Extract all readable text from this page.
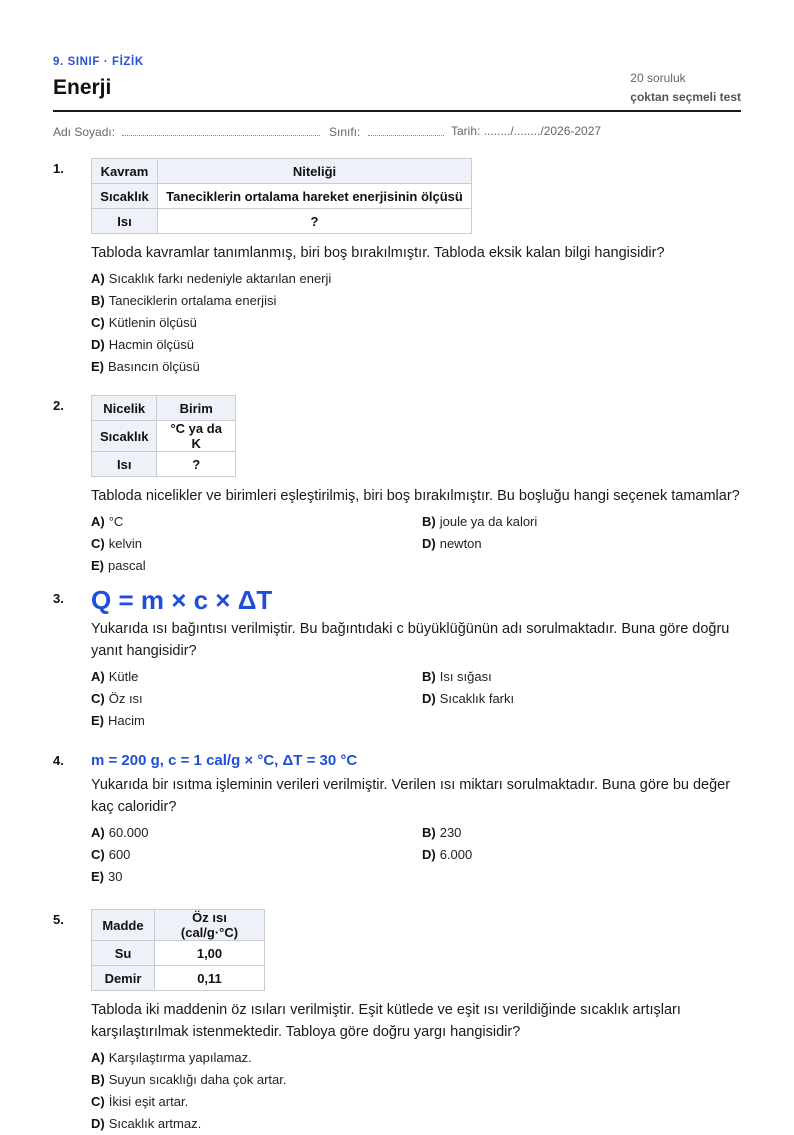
9. SINIF · FİZİK
Enerji	20 soruluk
çoktan seçmeli test
Adı Soyadı:	Sınıfı:	Tarih: ......../......../2026-2027
1.	Kavram	Niteliği
Sıcaklık	Taneciklerin ortalama hareket enerjisinin ölçüsü
Isı	?
Tabloda kavramlar tanımlanmış, biri boş bırakılmıştır. Tabloda eksik kalan bilgi hangisidir?
A) Sıcaklık farkı nedeniyle aktarılan enerji
B) Taneciklerin ortalama enerjisi
C) Kütlenin ölçüsü
D) Hacmin ölçüsü
E) Basıncın ölçüsü
2.	Nicelik	Birim
Sıcaklık	°C ya da K
Isı	?
Tabloda nicelikler ve birimleri eşleştirilmiş, biri boş bırakılmıştır. Bu boşluğu hangi seçenek tamamlar?
A) °C	B) joule ya da kalori
C) kelvin	D) newton
E) pascal
3. Q = m × c × ΔT
Yukarıda ısı bağıntısı verilmiştir. Bu bağıntıdaki c büyüklüğünün adı sorulmaktadır. Buna göre doğru yanıt hangisidir?
A) Kütle	B) Isı sığası
C) Öz ısı	D) Sıcaklık farkı
E) Hacim
4. m = 200 g, c = 1 cal/g × °C, ΔT = 30 °C
Yukarıda bir ısıtma işleminin verileri verilmiştir. Verilen ısı miktarı sorulmaktadır. Buna göre bu değer kaç caloridir?
A) 60.000	B) 230
C) 600	D) 6.000
E) 30
5.	Madde	Öz ısı (cal/g·°C)
Su	1,00
Demir	0,11
Tabloda iki maddenin öz ısıları verilmiştir. Eşit kütlede ve eşit ısı verildiğinde sıcaklık artışları karşılaştırılmak istenmektedir. Tabloya göre doğru yargı hangisidir?
A) Karşılaştırma yapılamaz.
B) Suyun sıcaklığı daha çok artar.
C) İkisi eşit artar.
D) Sıcaklık artmaz.
